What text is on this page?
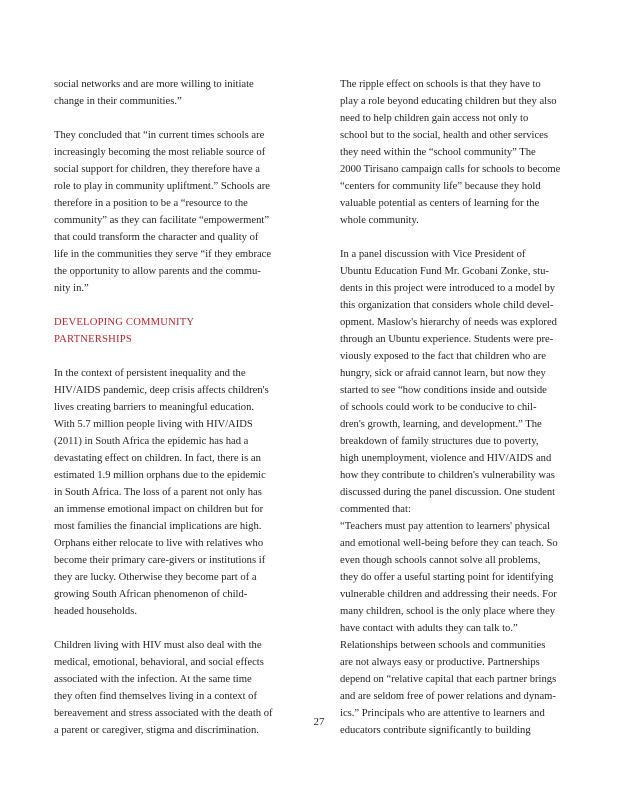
social networks and are more willing to initiate
change in their communities.”

They concluded that “in current times schools are
increasingly becoming the most reliable source of
social support for children, they therefore have a
role to play in community upliftment.” Schools are
therefore in a position to be a “resource to the
community” as they can facilitate “empowerment”
that could transform the character and quality of
life in the communities they serve “if they embrace
the opportunity to allow parents and the commu-
nity in.”

DEVELOPING COMMUNITY
PARTNERSHIPS

In the context of persistent inequality and the
HIV/AIDS pandemic, deep crisis affects children's
lives creating barriers to meaningful education.
With 5.7 million people living with HIV/AIDS
(2011) in South Africa the epidemic has had a
devastating effect on children. In fact, there is an
estimated 1.9 million orphans due to the epidemic
in South Africa. The loss of a parent not only has
an immense emotional impact on children but for
most families the financial implications are high.
Orphans either relocate to live with relatives who
become their primary care-givers or institutions if
they are lucky. Otherwise they become part of a
growing South African phenomenon of child-
headed households.

Children living with HIV must also deal with the
medical, emotional, behavioral, and social effects
associated with the infection. At the same time
they often find themselves living in a context of
bereavement and stress associated with the death of
a parent or caregiver, stigma and discrimination.

The ripple effect on schools is that they have to
play a role beyond educating children but they also
need to help children gain access not only to
school but to the social, health and other services
they need within the “school community” The
2000 Tirisano campaign calls for schools to become
“centers for community life” because they hold
valuable potential as centers of learning for the
whole community.

In a panel discussion with Vice President of
Ubuntu Education Fund Mr. Gcobani Zonke, stu-
dents in this project were introduced to a model by
this organization that considers whole child devel-
opment. Maslow's hierarchy of needs was explored
through an Ubuntu experience. Students were pre-
viously exposed to the fact that children who are
hungry, sick or afraid cannot learn, but now they
started to see “how conditions inside and outside
of schools could work to be conducive to chil-
dren's growth, learning, and development.” The
breakdown of family structures due to poverty,
high unemployment, violence and HIV/AIDS and
how they contribute to children's vulnerability was
discussed during the panel discussion. One student
commented that:
“Teachers must pay attention to learners' physical
and emotional well-being before they can teach. So
even though schools cannot solve all problems,
they do offer a useful starting point for identifying
vulnerable children and addressing their needs. For
many children, school is the only place where they
have contact with adults they can talk to.”
Relationships between schools and communities
are not always easy or productive. Partnerships
depend on “relative capital that each partner brings
and are seldom free of power relations and dynam-
ics.” Principals who are attentive to learners and
educators contribute significantly to building

27
